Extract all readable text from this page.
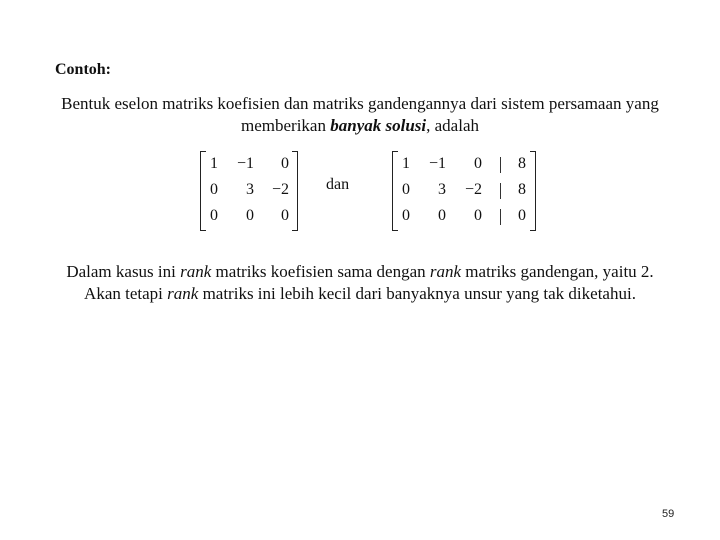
Contoh:
Bentuk eselon matriks koefisien dan matriks gandengannya dari sistem persamaan yang memberikan banyak solusi, adalah
1	−1	0
0	3	−2
0	0	0
dan
1	−1	0	8
0	3	−2	8
0	0	0	0
Dalam kasus ini rank matriks koefisien sama dengan rank matriks gandengan, yaitu 2. Akan tetapi rank matriks ini lebih kecil dari banyaknya unsur yang tak diketahui.
59
